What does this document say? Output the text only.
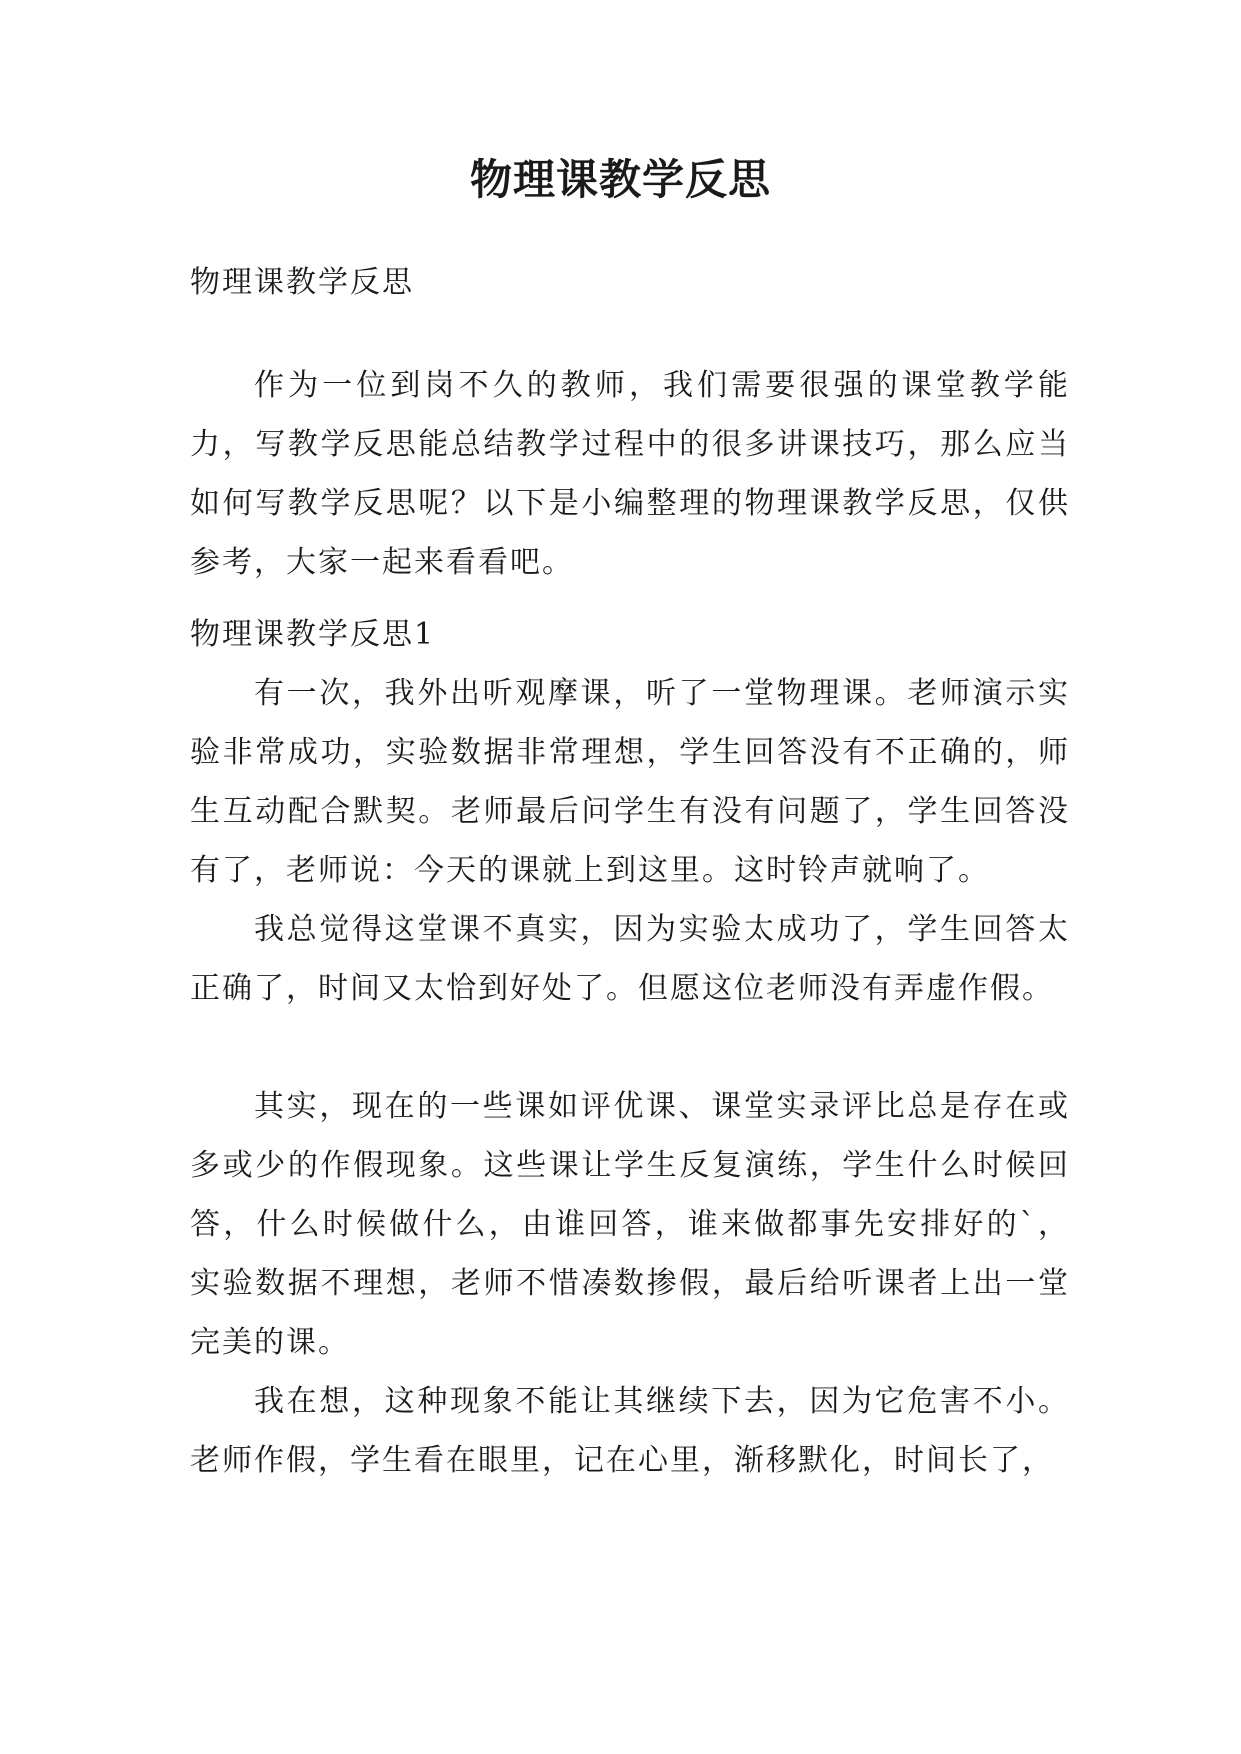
物理课教学反思

物理课教学反思

作为一位到岗不久的教师，我们需要很强的课堂教学能力，写教学反思能总结教学过程中的很多讲课技巧，那么应当如何写教学反思呢？以下是小编整理的物理课教学反思，仅供参考，大家一起来看看吧。

物理课教学反思1

有一次，我外出听观摩课，听了一堂物理课。老师演示实验非常成功，实验数据非常理想，学生回答没有不正确的，师生互动配合默契。老师最后问学生有没有问题了，学生回答没有了，老师说：今天的课就上到这里。这时铃声就响了。

我总觉得这堂课不真实，因为实验太成功了，学生回答太正确了，时间又太恰到好处了。但愿这位老师没有弄虚作假。

其实，现在的一些课如评优课、课堂实录评比总是存在或多或少的作假现象。这些课让学生反复演练，学生什么时候回答，什么时候做什么，由谁回答，谁来做都事先安排好的`，实验数据不理想，老师不惜凑数掺假，最后给听课者上出一堂完美的课。

我在想，这种现象不能让其继续下去，因为它危害不小。老师作假，学生看在眼里，记在心里，渐移默化，时间长了，
